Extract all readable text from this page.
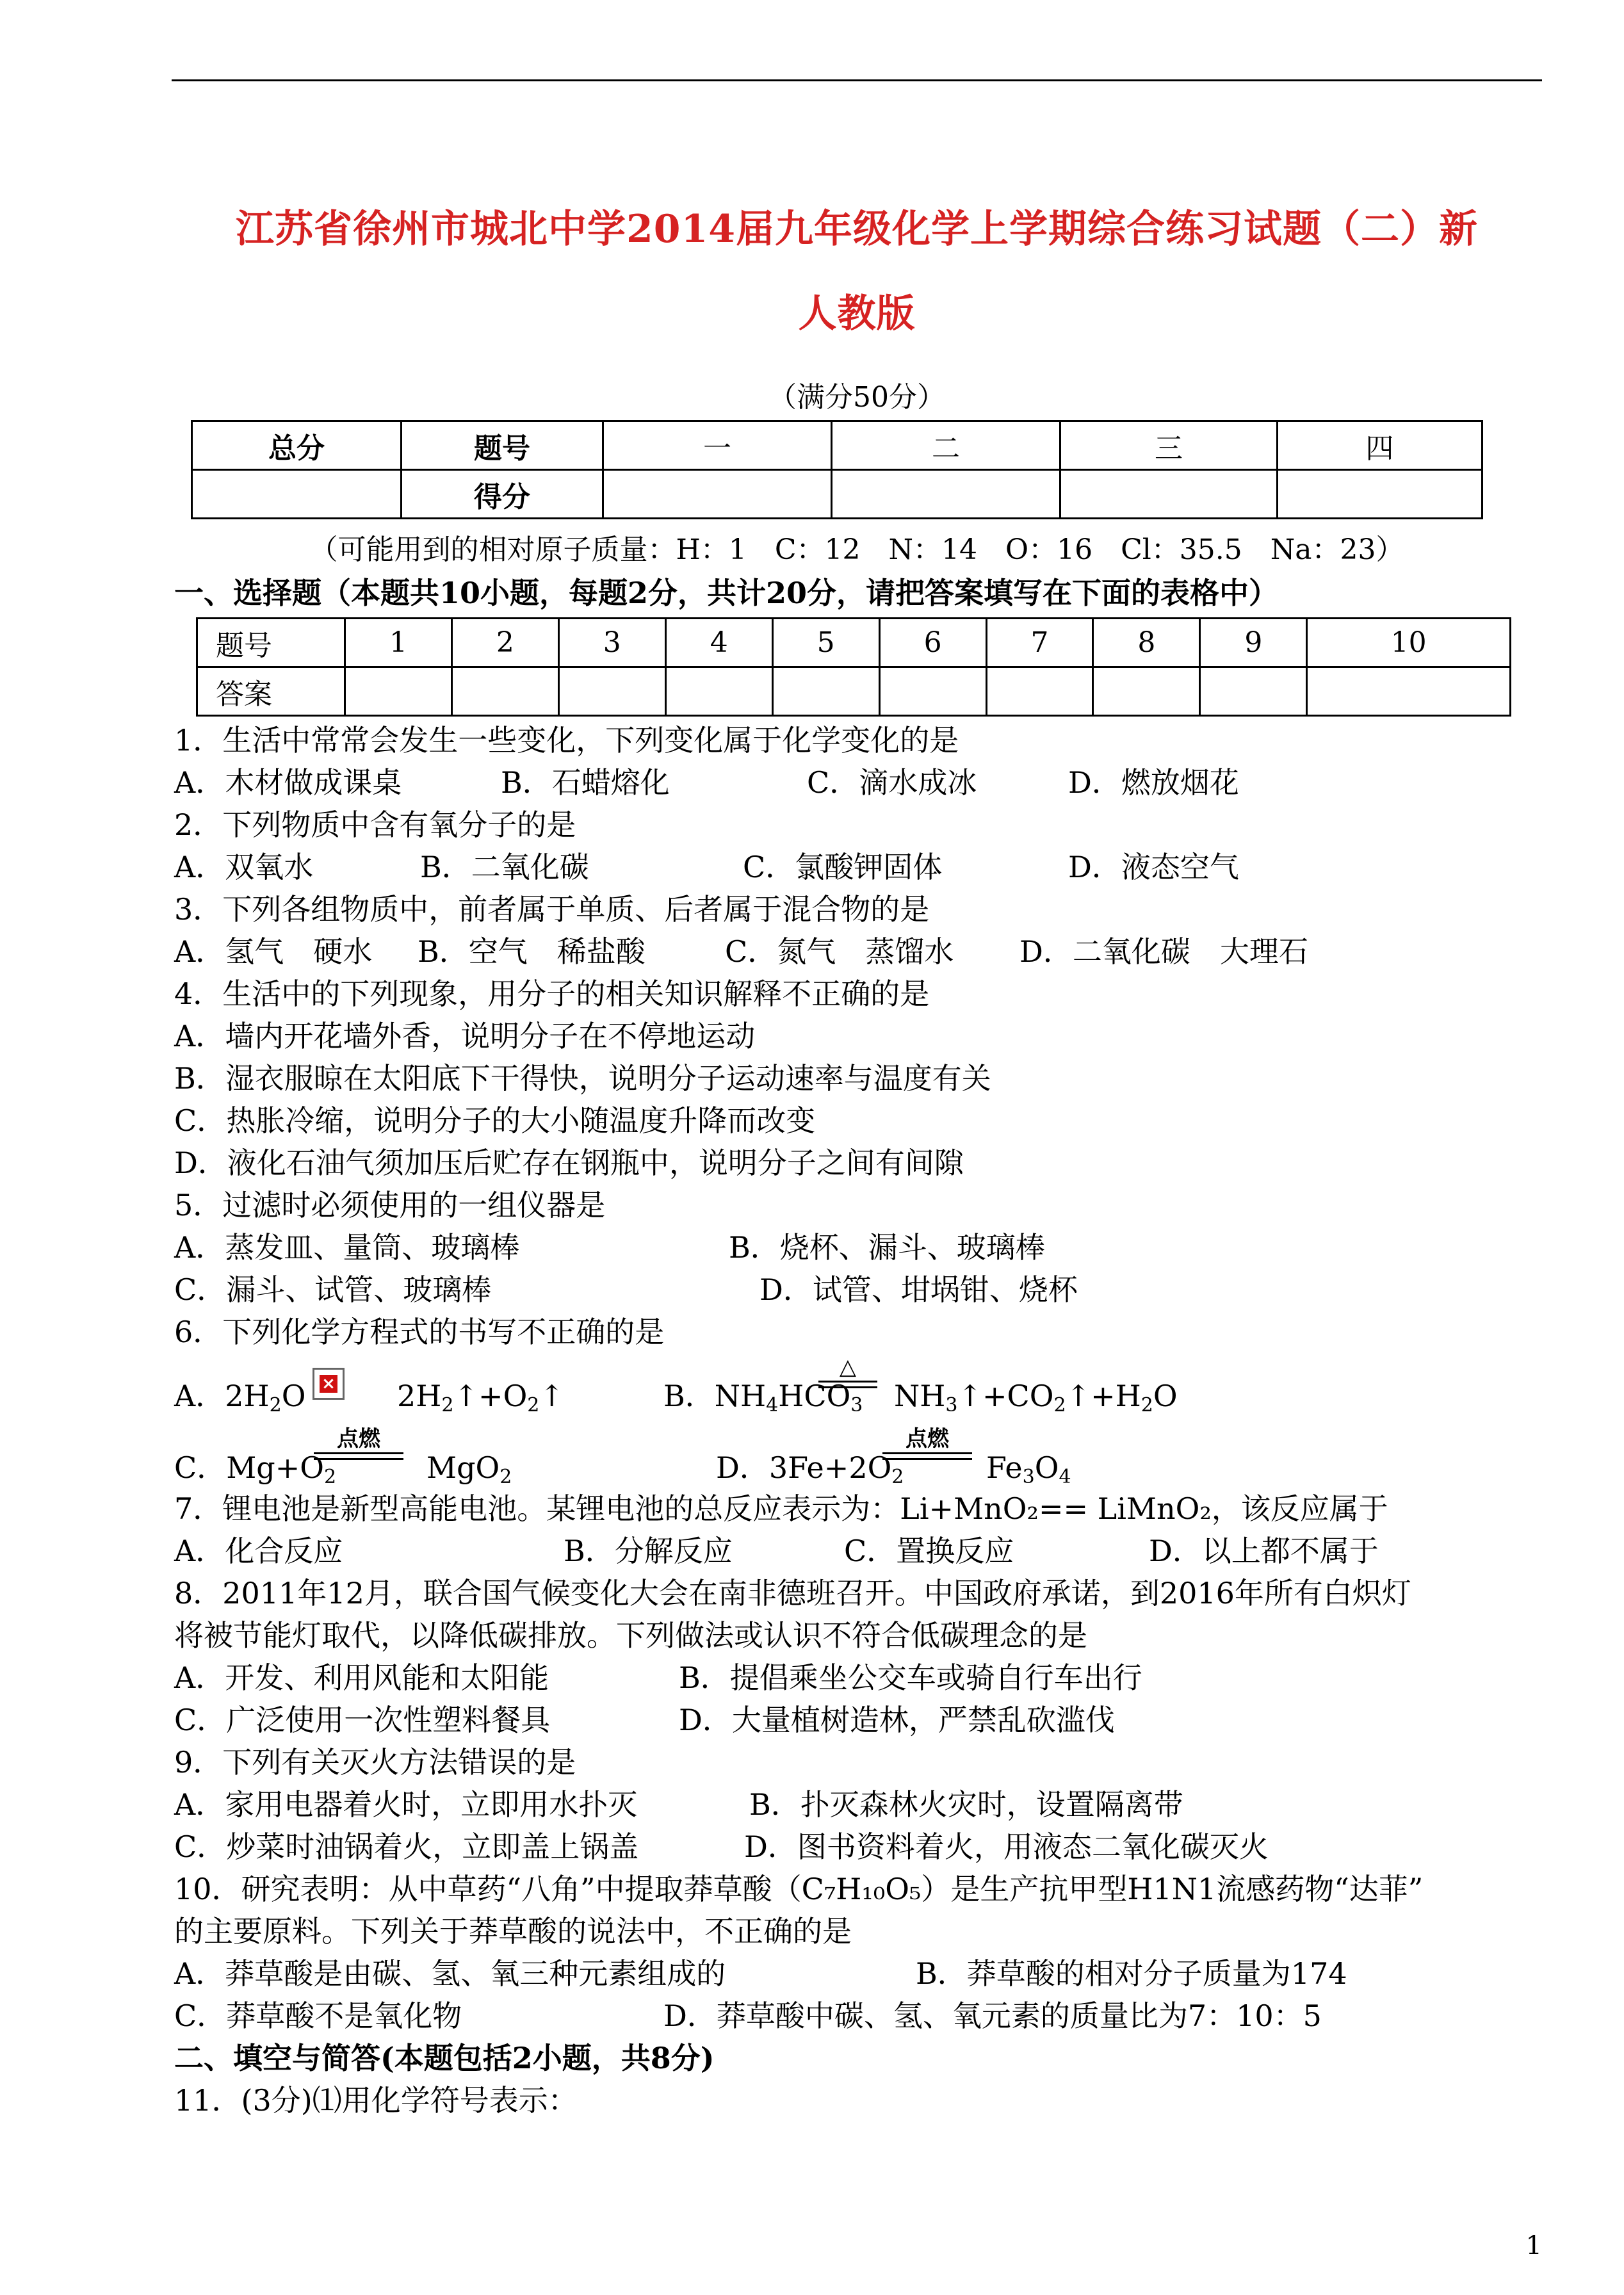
江苏省徐州市城北中学2014届九年级化学上学期综合练习试题（二）新
人教版
（满分50分）
总分	题号	一	二	三	四
	得分				
（可能用到的相对原子质量：H：1　C：12　N：14　O：16　Cl：35.5　Na：23）
一、选择题（本题共10小题，每题2分，共计20分，请把答案填写在下面的表格中）
题号	1	2	3	4	5	6	7	8	9	10
答案										
1．生活中常常会发生一些变化，下列变化属于化学变化的是
A．木材做成课桌	B．石蜡熔化	C．滴水成冰	D．燃放烟花
2．下列物质中含有氧分子的是
A．双氧水	B．二氧化碳	C．氯酸钾固体	D．液态空气
3．下列各组物质中，前者属于单质、后者属于混合物的是
A．氢气　硬水 B．空气　稀盐酸	C．氮气　蒸馏水 D．二氧化碳　大理石
4．生活中的下列现象，用分子的相关知识解释不正确的是
A．墙内开花墙外香，说明分子在不停地运动
B．湿衣服晾在太阳底下干得快，说明分子运动速率与温度有关
C．热胀冷缩，说明分子的大小随温度升降而改变
D．液化石油气须加压后贮存在钢瓶中，说明分子之间有间隙
5．过滤时必须使用的一组仪器是
A．蒸发皿、量筒、玻璃棒	B．烧杯、漏斗、玻璃棒
C．漏斗、试管、玻璃棒	D．试管、坩埚钳、烧杯
6．下列化学方程式的书写不正确的是
A．$2H_2O$ × $2H_2↑+O_2↑$	B．$NH_4HCO_3$
△
$NH_3↑+CO_2↑+H_2O$
C．$Mg+O_2$
点燃
MgO$_2$	D．$3Fe+2O_2$
点燃
$Fe_3O_4$
7．锂电池是新型高能电池。某锂电池的总反应表示为：Li+MnO₂== LiMnO₂，该反应属于
A．化合反应	B．分解反应	C．置换反应	D．以上都不属于
8．2011年12月，联合国气候变化大会在南非德班召开。中国政府承诺，到2016年所有白炽灯
将被节能灯取代，以降低碳排放。下列做法或认识不符合低碳理念的是
A．开发、利用风能和太阳能	B．提倡乘坐公交车或骑自行车出行
C．广泛使用一次性塑料餐具	D．大量植树造林，严禁乱砍滥伐
9．下列有关灭火方法错误的是
A．家用电器着火时，立即用水扑灭	B．扑灭森林火灾时，设置隔离带
C．炒菜时油锅着火，立即盖上锅盖	D．图书资料着火，用液态二氧化碳灭火
10．研究表明：从中草药“八角”中提取莽草酸（C₇H₁₀O₅）是生产抗甲型H1N1流感药物“达菲”
的主要原料。下列关于莽草酸的说法中，不正确的是
A．莽草酸是由碳、氢、氧三种元素组成的	B．莽草酸的相对分子质量为174
C．莽草酸不是氧化物	D．莽草酸中碳、氢、氧元素的质量比为7：10：5
二、填空与简答(本题包括2小题，共8分)
11．(3分)⑴用化学符号表示：
1
